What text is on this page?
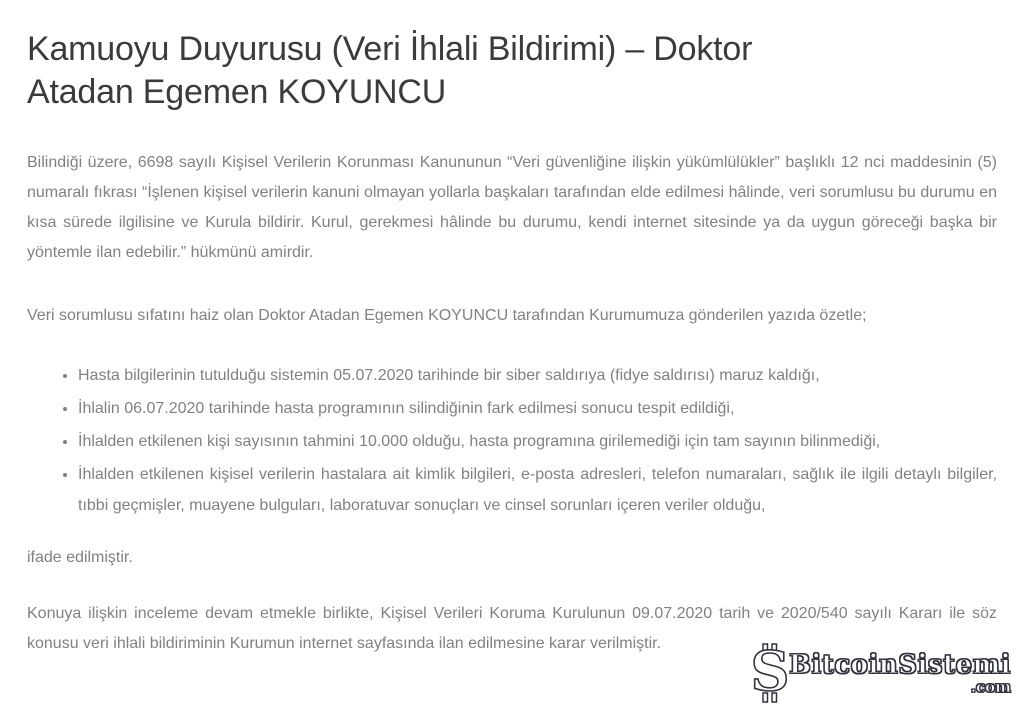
Kamuoyu Duyurusu (Veri İhlali Bildirimi) – Doktor
Atadan Egemen KOYUNCU

Bilindiği üzere, 6698 sayılı Kişisel Verilerin Korunması Kanununun “Veri güvenliğine ilişkin yükümlülükler” başlıklı 12 nci maddesinin (5) numaralı fıkrası “İşlenen kişisel verilerin kanuni olmayan yollarla başkaları tarafından elde edilmesi hâlinde, veri sorumlusu bu durumu en kısa sürede ilgilisine ve Kurula bildirir. Kurul, gerekmesi hâlinde bu durumu, kendi internet sitesinde ya da uygun göreceği başka bir yöntemle ilan edebilir.” hükmünü amirdir.

Veri sorumlusu sıfatını haiz olan Doktor Atadan Egemen KOYUNCU tarafından Kurumumuza gönderilen yazıda özetle;

• Hasta bilgilerinin tutulduğu sistemin 05.07.2020 tarihinde bir siber saldırıya (fidye saldırısı) maruz kaldığı,
• İhlalin 06.07.2020 tarihinde hasta programının silindiğinin fark edilmesi sonucu tespit edildiği,
• İhlalden etkilenen kişi sayısının tahmini 10.000 olduğu, hasta programına girilemediği için tam sayının bilinmediği,
• İhlalden etkilenen kişisel verilerin hastalara ait kimlik bilgileri, e-posta adresleri, telefon numaraları, sağlık ile ilgili detaylı bilgiler, tıbbi geçmişler, muayene bulguları, laboratuvar sonuçları ve cinsel sorunları içeren veriler olduğu,

ifade edilmiştir.

Konuya ilişkin inceleme devam etmekle birlikte, Kişisel Verileri Koruma Kurulunun 09.07.2020 tarih ve 2020/540 sayılı Kararı ile söz konusu veri ihlali bildiriminin Kurumun internet sayfasında ilan edilmesine karar verilmiştir.	S BitcoinSistemi
.com
